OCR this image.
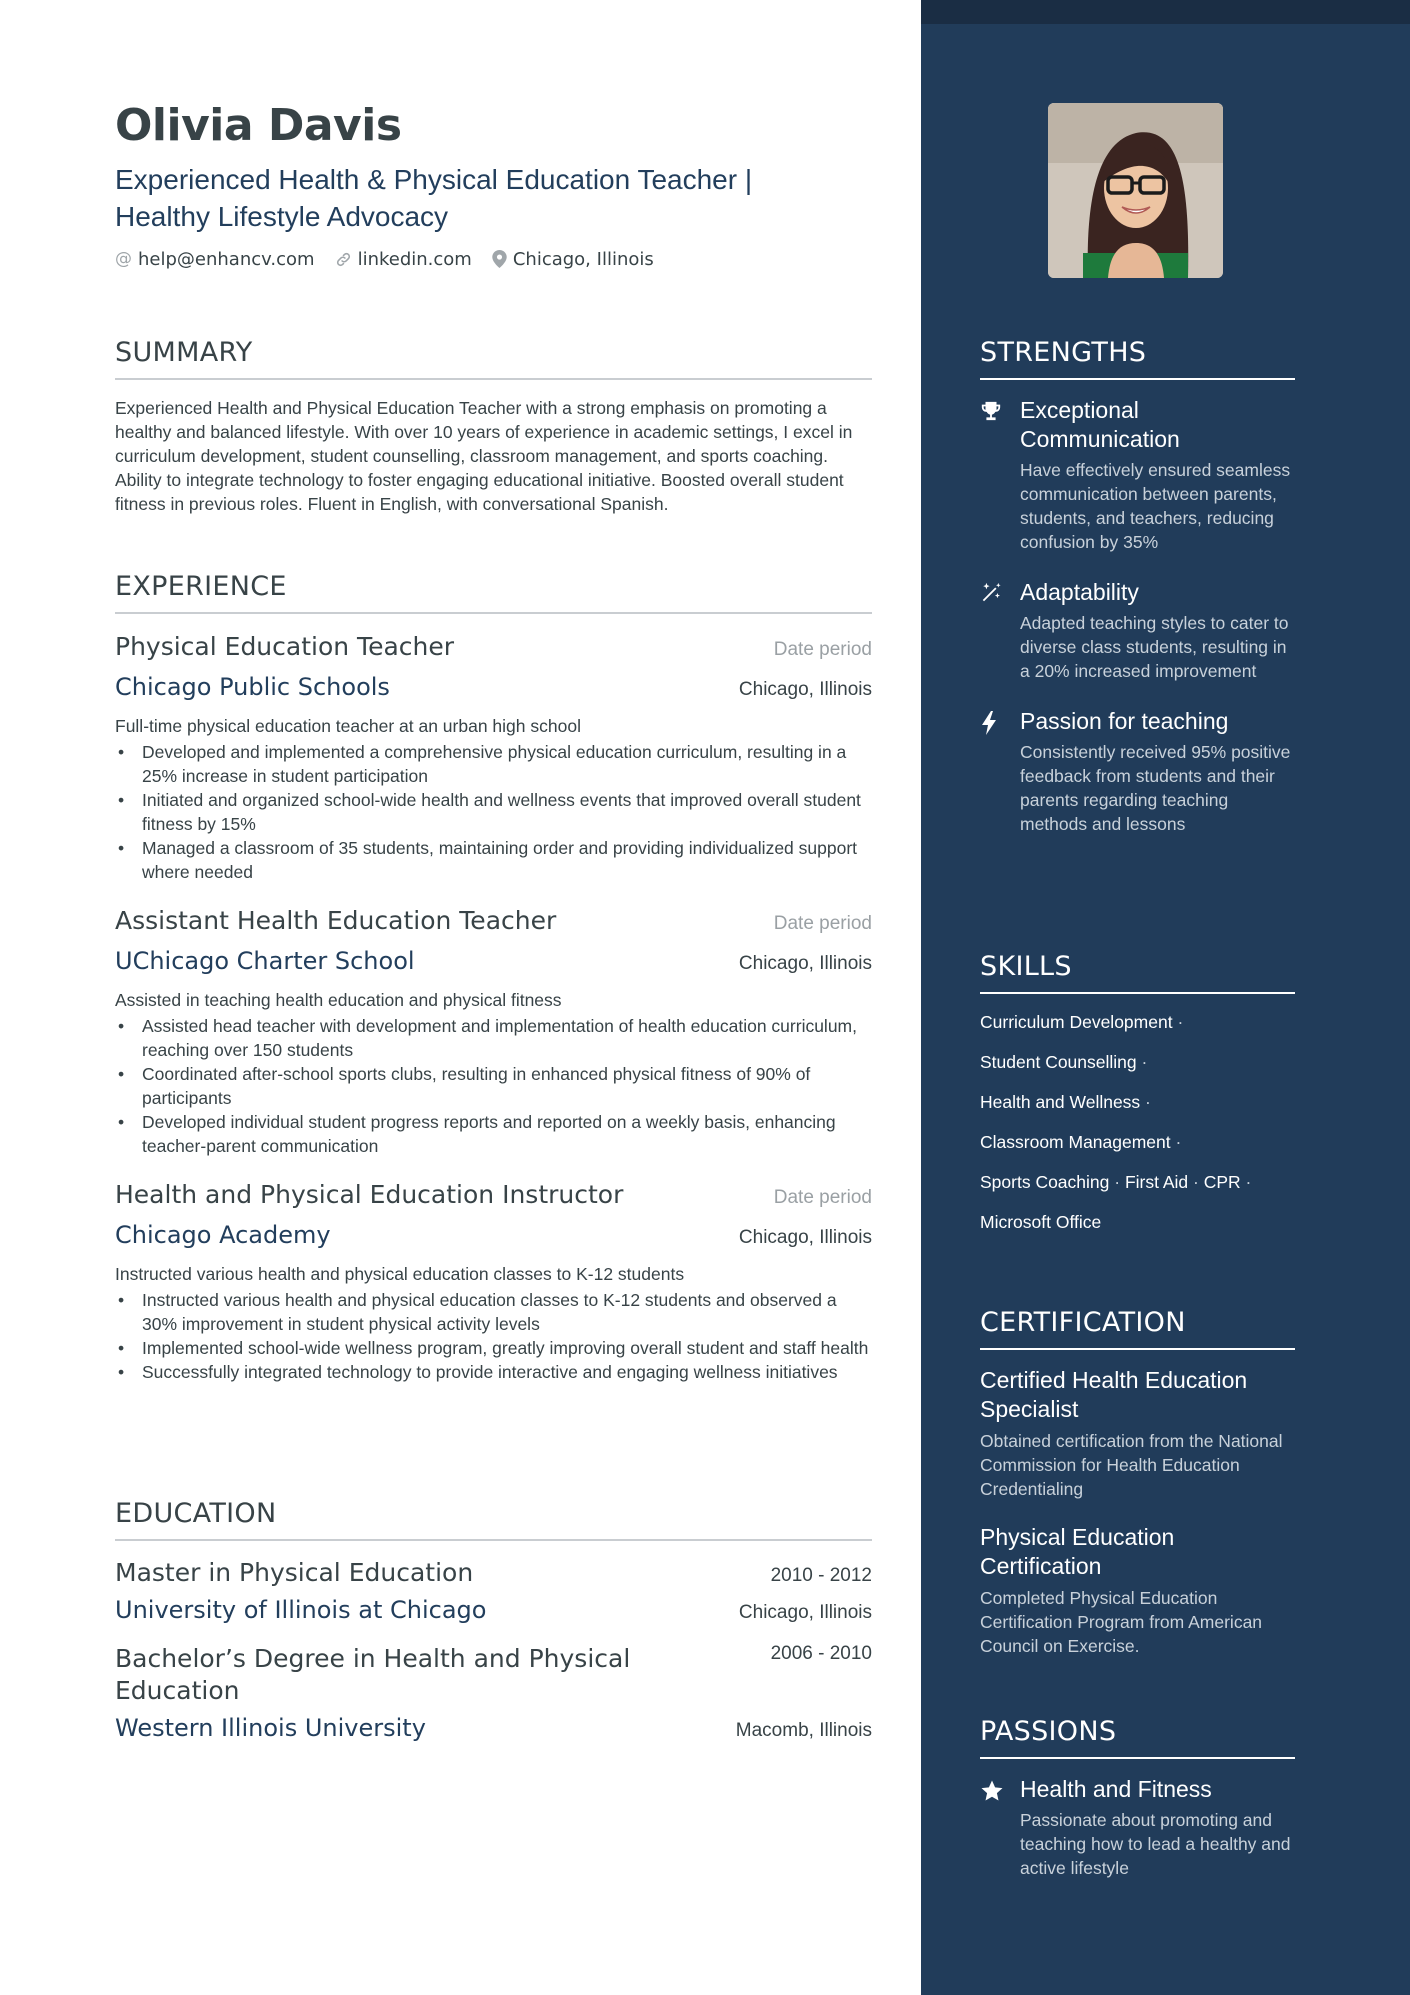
Olivia Davis
Experienced Health & Physical Education Teacher | Healthy Lifestyle Advocacy
@ help@enhancv.com linkedin.com Chicago, Illinois
SUMMARY

Experienced Health and Physical Education Teacher with a strong emphasis on promoting a healthy and balanced lifestyle. With over 10 years of experience in academic settings, I excel in curriculum development, student counselling, classroom management, and sports coaching. Ability to integrate technology to foster engaging educational initiative. Boosted overall student fitness in previous roles. Fluent in English, with conversational Spanish.

EXPERIENCE
Physical Education Teacher	Date period
Chicago Public Schools	Chicago, Illinois
Full-time physical education teacher at an urban high school
• Developed and implemented a comprehensive physical education curriculum, resulting in a 25% increase in student participation
• Initiated and organized school-wide health and wellness events that improved overall student fitness by 15%
• Managed a classroom of 35 students, maintaining order and providing individualized support where needed
Assistant Health Education Teacher	Date period
UChicago Charter School	Chicago, Illinois
Assisted in teaching health education and physical fitness
• Assisted head teacher with development and implementation of health education curriculum, reaching over 150 students
• Coordinated after-school sports clubs, resulting in enhanced physical fitness of 90% of participants
• Developed individual student progress reports and reported on a weekly basis, enhancing teacher-parent communication
Health and Physical Education Instructor	Date period
Chicago Academy	Chicago, Illinois
Instructed various health and physical education classes to K-12 students
• Instructed various health and physical education classes to K-12 students and observed a 30% improvement in student physical activity levels
• Implemented school-wide wellness program, greatly improving overall student and staff health
• Successfully integrated technology to provide interactive and engaging wellness initiatives
EDUCATION
Master in Physical Education	2010 - 2012
University of Illinois at Chicago	Chicago, Illinois
Bachelor’s Degree in Health and Physical Education
2006 - 2010
Western Illinois University	Macomb, Illinois
STRENGTHS
Exceptional Communication
Have effectively ensured seamless communication between parents, students, and teachers, reducing confusion by 35%
Adaptability
Adapted teaching styles to cater to diverse class students, resulting in a 20% increased improvement
Passion for teaching
Consistently received 95% positive feedback from students and their parents regarding teaching methods and lessons
SKILLS
Curriculum Development ·
Student Counselling ·
Health and Wellness ·
Classroom Management ·
Sports Coaching · First Aid · CPR ·
Microsoft Office
CERTIFICATION
Certified Health Education Specialist
Obtained certification from the National Commission for Health Education Credentialing
Physical Education Certification
Completed Physical Education Certification Program from American Council on Exercise.
PASSIONS
Health and Fitness
Passionate about promoting and teaching how to lead a healthy and active lifestyle
